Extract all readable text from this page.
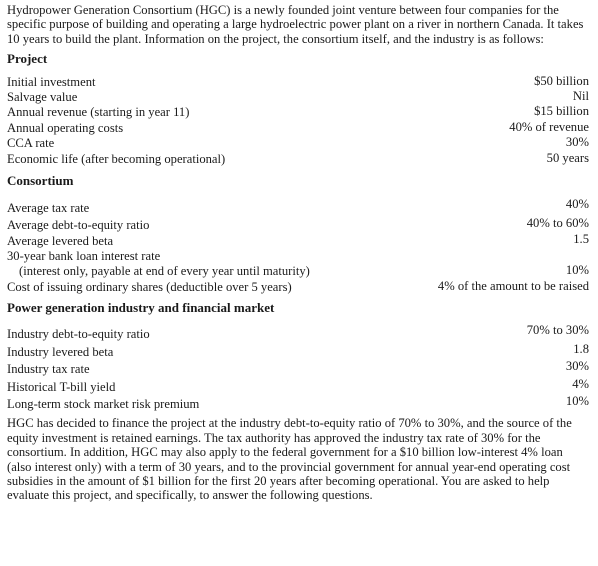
Hydropower Generation Consortium (HGC) is a newly founded joint venture between four companies for the specific purpose of building and operating a large hydroelectric power plant on a river in northern Canada. It takes 10 years to build the plant. Information on the project, the consortium itself, and the industry is as follows:

Project

Initial investment	$50 billion
Salvage value	Nil
Annual revenue (starting in year 11)	$15 billion
Annual operating costs	40% of revenue
CCA rate	30%
Economic life (after becoming operational)	50 years

Consortium

Average tax rate	40%
Average debt-to-equity ratio	40% to 60%
Average levered beta	1.5
30-year bank loan interest rate
(interest only, payable at end of every year until maturity)	10%
Cost of issuing ordinary shares (deductible over 5 years)	4% of the amount to be raised

Power generation industry and financial market

Industry debt-to-equity ratio	70% to 30%
Industry levered beta	1.8
Industry tax rate	30%
Historical T-bill yield	4%
Long-term stock market risk premium	10%

HGC has decided to finance the project at the industry debt-to-equity ratio of 70% to 30%, and the source of the equity investment is retained earnings. The tax authority has approved the industry tax rate of 30% for the consortium. In addition, HGC may also apply to the federal government for a $10 billion low-interest 4% loan (also interest only) with a term of 30 years, and to the provincial government for annual year-end operating cost subsidies in the amount of $1 billion for the first 20 years after becoming operational. You are asked to help evaluate this project, and specifically, to answer the following questions.
